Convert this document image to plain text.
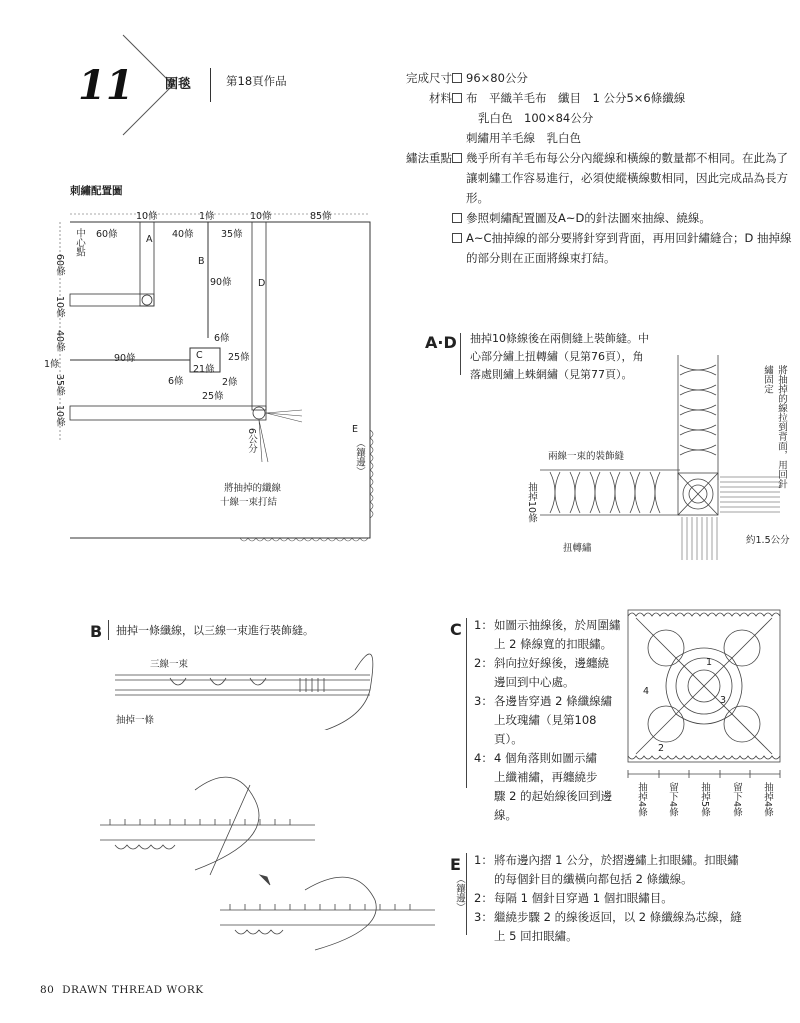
11 圍毯	第18頁作品	完成尺寸	96×80公分
材料	布　平織羊毛布　纖目　1 公分5×6條纖線
乳白色　100×84公分
刺繡用羊毛線　乳白色
繡法重點	幾乎所有羊毛布每公分內縱線和橫線的數量都不相同。在此為了
讓刺繡工作容易進行，必須使縱橫線數相同，因此完成品為長方
形。
參照刺繡配置圖及A~D的針法圖來抽線、繞線。
A~C抽掉線的部分要將針穿到背面，再用回針繡縫合；D 抽掉線
的部分則在正面將線束打結。
刺繡配置圖
10條	1條	10條	85條
60條	40條	35條
A
中心點
60條	B
D
90條
10條
6條
40條
C
21條
25條
90條
1條
6條	2條
35條
25條
10條
E
（鑲邊）
6公分
將抽掉的纖線
十線一束打結
A·D 抽掉10條線後在兩側縫上裝飾縫。中
心部分繡上扭轉繡（見第76頁），角
落處則繡上蛛網繡（見第77頁）。
兩線一束的裝飾縫
抽掉10條
扭轉繡
將抽掉的線拉到背面，用回針繡固定
約1.5公分
B 抽掉一條纖線，以三線一束進行裝飾縫。
三線一束
抽掉一條
C 1： 如圖示抽線後，於周圍繡
上 2 條線寬的扣眼繡。
2： 斜向拉好線後，邊纏繞
邊回到中心處。
3： 各邊皆穿過 2 條纖線繡
上玫瑰繡（見第108頁）。
4： 4 個角落則如圖示繡
上纖補繡，再纏繞步
驟 2 的起始線後回到邊
線。
1
2
3
4
抽掉4條 留下4條 抽掉5條 留下4條 抽掉4條
E
（鑲邊）
1： 將布邊內摺 1 公分，於摺邊繡上扣眼繡。扣眼繡
的每個針目的纖橫向都包括 2 條纖線。
2： 每隔 1 個針目穿過 1 個扣眼繡目。
3： 繼繞步驟 2 的線後返回，以 2 條纖線為芯線，縫
上 5 回扣眼繡。
80 DRAWN THREAD WORK
